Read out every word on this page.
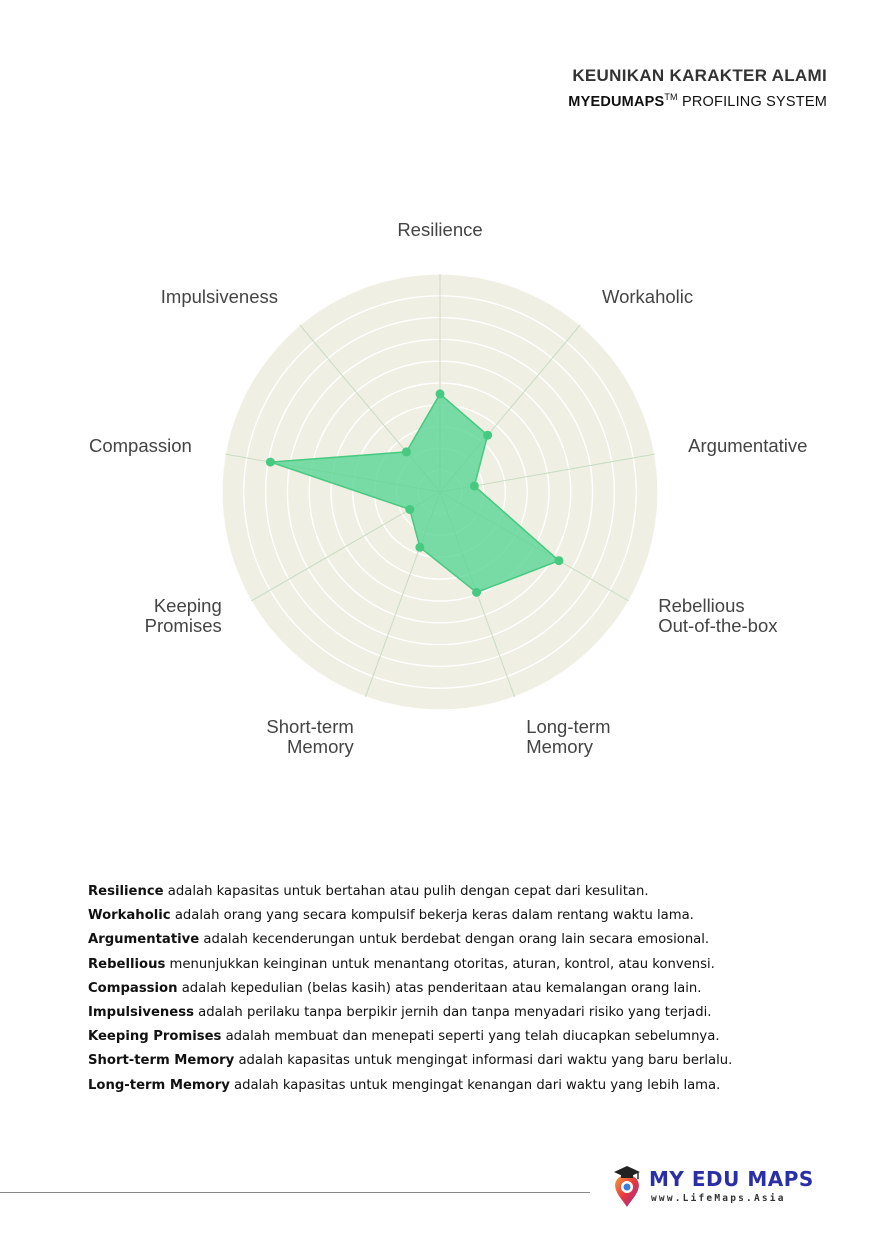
KEUNIKAN KARAKTER ALAMI
MYEDUMAPS™ PROFILING SYSTEM
Resilience
Workaholic
Argumentative
Rebellious Out-of-the-box
Long-term Memory
Short-term Memory
Keeping Promises
Compassion
Impulsiveness
Resilience adalah kapasitas untuk bertahan atau pulih dengan cepat dari kesulitan.
Workaholic adalah orang yang secara kompulsif bekerja keras dalam rentang waktu lama.
Argumentative adalah kecenderungan untuk berdebat dengan orang lain secara emosional.
Rebellious menunjukkan keinginan untuk menantang otoritas, aturan, kontrol, atau konvensi.
Compassion adalah kepedulian (belas kasih) atas penderitaan atau kemalangan orang lain.
Impulsiveness adalah perilaku tanpa berpikir jernih dan tanpa menyadari risiko yang terjadi.
Keeping Promises adalah membuat dan menepati seperti yang telah diucapkan sebelumnya.
Short-term Memory adalah kapasitas untuk mengingat informasi dari waktu yang baru berlalu.
Long-term Memory adalah kapasitas untuk mengingat kenangan dari waktu yang lebih lama.
MY EDU MAPS
www.LifeMaps.Asia
